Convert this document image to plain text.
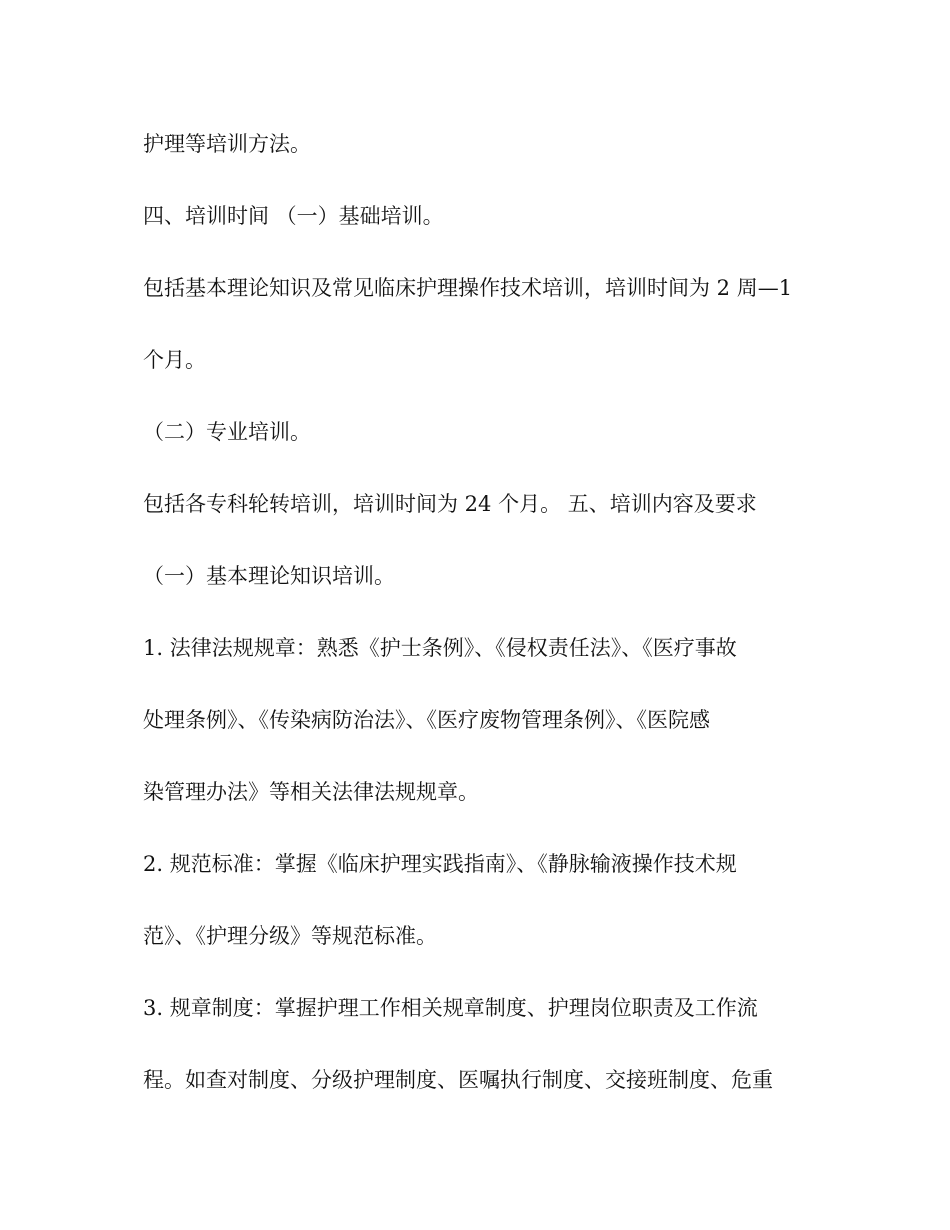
护理等培训方法。

四、培训时间 （一）基础培训。

包括基本理论知识及常见临床护理操作技术培训，培训时间为 2 周—1

个月。

（二）专业培训。

包括各专科轮转培训，培训时间为 24 个月。 五、培训内容及要求

（一）基本理论知识培训。

1. 法律法规规章：熟悉《护士条例》、《侵权责任法》、《医疗事故

处理条例》、《传染病防治法》、《医疗废物管理条例》、《医院感

染管理办法》等相关法律法规规章。

2. 规范标准：掌握《临床护理实践指南》、《静脉输液操作技术规

范》、《护理分级》等规范标准。

3. 规章制度：掌握护理工作相关规章制度、护理岗位职责及工作流

程。如查对制度、分级护理制度、医嘱执行制度、交接班制度、危重
